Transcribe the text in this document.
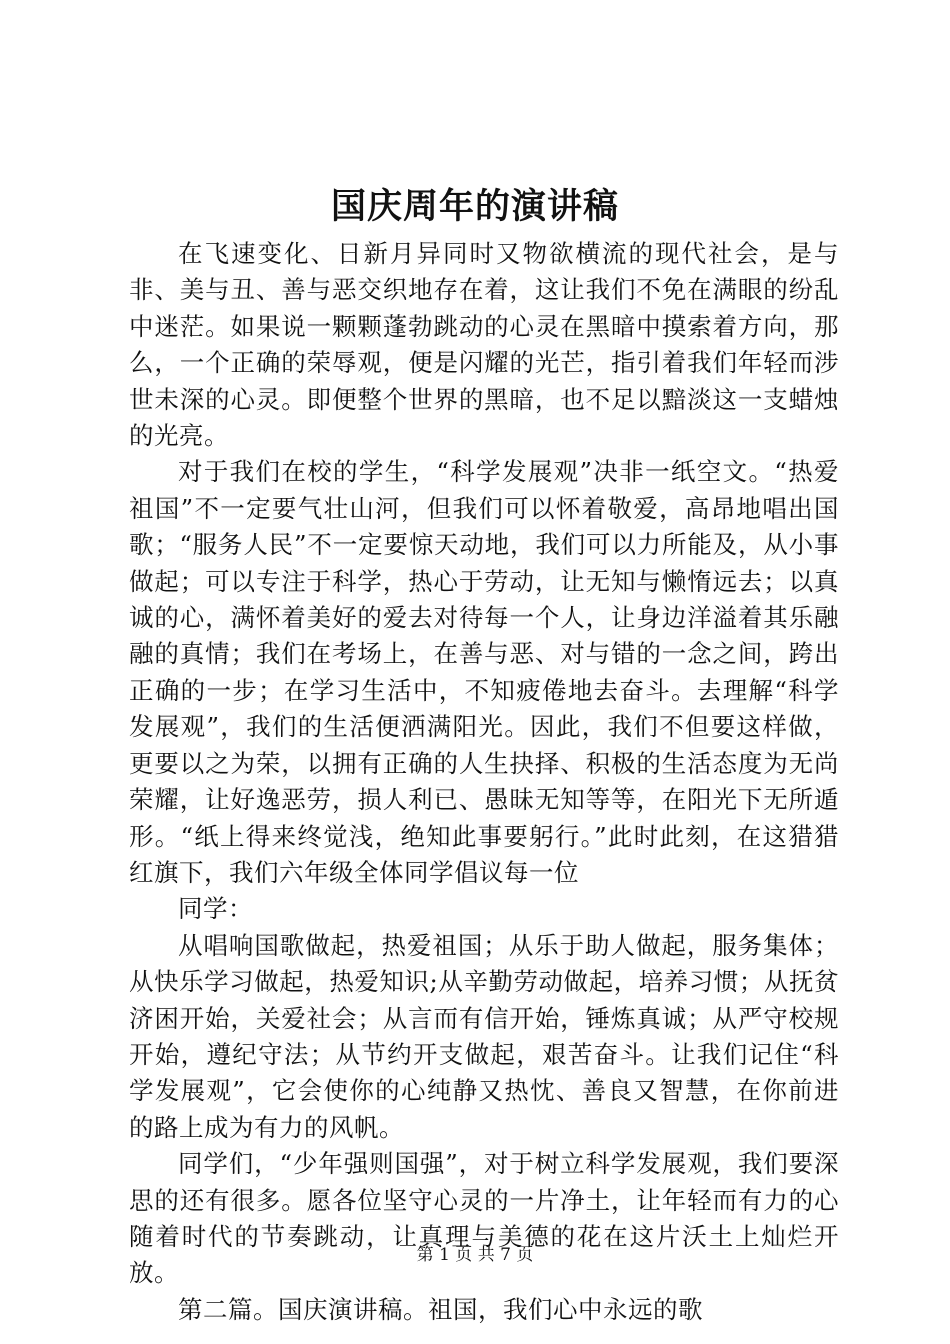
国庆周年的演讲稿

在飞速变化、日新月异同时又物欲横流的现代社会，是与非、美与丑、善与恶交织地存在着，这让我们不免在满眼的纷乱中迷茫。如果说一颗颗蓬勃跳动的心灵在黑暗中摸索着方向，那么，一个正确的荣辱观，便是闪耀的光芒，指引着我们年轻而涉世未深的心灵。即便整个世界的黑暗，也不足以黯淡这一支蜡烛的光亮。

对于我们在校的学生，“科学发展观”决非一纸空文。“热爱祖国”不一定要气壮山河，但我们可以怀着敬爱，高昂地唱出国歌；“服务人民”不一定要惊天动地，我们可以力所能及，从小事做起；可以专注于科学，热心于劳动，让无知与懒惰远去；以真诚的心，满怀着美好的爱去对待每一个人，让身边洋溢着其乐融融的真情；我们在考场上，在善与恶、对与错的一念之间，跨出正确的一步；在学习生活中，不知疲倦地去奋斗。去理解“科学发展观”，我们的生活便洒满阳光。因此，我们不但要这样做，更要以之为荣，以拥有正确的人生抉择、积极的生活态度为无尚荣耀，让好逸恶劳，损人利已、愚昧无知等等，在阳光下无所遁形。“纸上得来终觉浅，绝知此事要躬行。”此时此刻，在这猎猎红旗下，我们六年级全体同学倡议每一位

同学：

从唱响国歌做起，热爱祖国；从乐于助人做起，服务集体；从快乐学习做起，热爱知识;从辛勤劳动做起，培养习惯；从抚贫济困开始，关爱社会；从言而有信开始，锤炼真诚；从严守校规开始，遵纪守法；从节约开支做起，艰苦奋斗。让我们记住“科学发展观”，它会使你的心纯静又热忱、善良又智慧，在你前进的路上成为有力的风帆。

同学们，“少年强则国强”，对于树立科学发展观，我们要深思的还有很多。愿各位坚守心灵的一片净土，让年轻而有力的心随着时代的节奏跳动，让真理与美德的花在这片沃土上灿烂开放。

第二篇。国庆演讲稿。祖国，我们心中永远的歌

第 1 页 共 7 页
